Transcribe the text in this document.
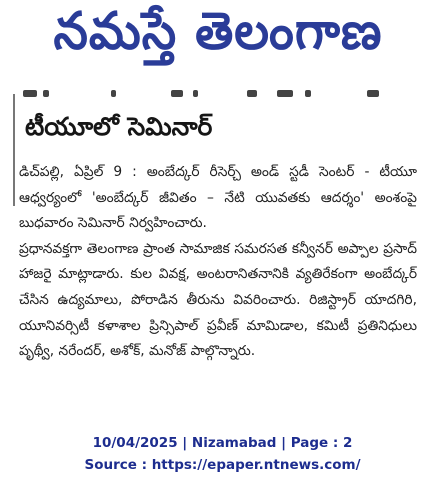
నమస్తే తెలంగాణ
టీయూలో సెమినార్

డిచ్‌పల్లి, ఏప్రిల్ 9 : అంబేద్కర్ రీసెర్చ్ అండ్ స్టడీ సెంటర్ - టీయూ ఆధ్వర్యంలో 'అంబేద్కర్ జీవితం – నేటి యువతకు ఆదర్శం' అంశంపై బుధవారం సెమినార్ నిర్వహించారు.

ప్రధానవక్తగా తెలంగాణ ప్రాంత సామాజిక సమరసత కన్వీనర్ అప్పాల ప్రసాద్ హాజరై మాట్లాడారు. కుల వివక్ష, అంటరానితనానికి వ్యతిరేకంగా అంబేద్కర్ చేసిన ఉద్యమాలు, పోరాడిన తీరును వివరించారు. రిజిస్ట్రార్ యాదగిరి, యూనివర్సిటీ కళాశాల ప్రిన్సిపాల్ ప్రవీణ్ మామిడాల, కమిటీ ప్రతినిధులు పృథ్వీ, నరేందర్, అశోక్, మనోజ్ పాల్గొన్నారు.

10/04/2025 | Nizamabad | Page : 2
Source : https://epaper.ntnews.com/
